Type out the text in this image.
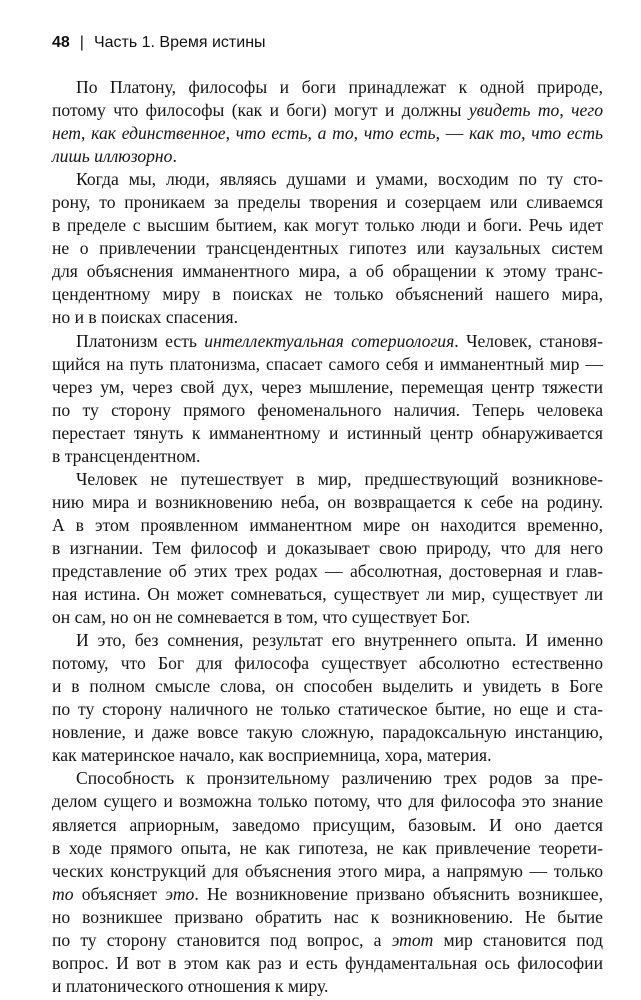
48 | Часть 1. Время истины

По Платону, философы и боги принадлежат к одной природе,
потому что философы (как и боги) могут и должны увидеть то, чего
нет, как единственное, что есть, а то, что есть, — как то, что есть
лишь иллюзорно.

Когда мы, люди, являясь душами и умами, восходим по ту сто-
рону, то проникаем за пределы творения и созерцаем или сливаемся
в пределе с высшим бытием, как могут только люди и боги. Речь идет
не о привлечении трансцендентных гипотез или каузальных систем
для объяснения имманентного мира, а об обращении к этому транс-
цендентному миру в поисках не только объяснений нашего мира,
но и в поисках спасения.

Платонизм есть интеллектуальная сотериология. Человек, становя-
щийся на путь платонизма, спасает самого себя и имманентный мир —
через ум, через свой дух, через мышление, перемещая центр тяжести
по ту сторону прямого феноменального наличия. Теперь человека
перестает тянуть к имманентному и истинный центр обнаруживается
в трансцендентном.

Человек не путешествует в мир, предшествующий возникнове-
нию мира и возникновению неба, он возвращается к себе на родину.
А в этом проявленном имманентном мире он находится временно,
в изгнании. Тем философ и доказывает свою природу, что для него
представление об этих трех родах — абсолютная, достоверная и глав-
ная истина. Он может сомневаться, существует ли мир, существует ли
он сам, но он не сомневается в том, что существует Бог.

И это, без сомнения, результат его внутреннего опыта. И именно
потому, что Бог для философа существует абсолютно естественно
и в полном смысле слова, он способен выделить и увидеть в Боге
по ту сторону наличного не только статическое бытие, но еще и ста-
новление, и даже вовсе такую сложную, парадоксальную инстанцию,
как материнское начало, как восприемница, хора, материя.

Способность к пронзительному различению трех родов за пре-
делом сущего и возможна только потому, что для философа это знание
является априорным, заведомо присущим, базовым. И оно дается
в ходе прямого опыта, не как гипотеза, не как привлечение теорети-
ческих конструкций для объяснения этого мира, а напрямую — только
то объясняет это. Не возникновение призвано объяснить возникшее,
но возникшее призвано обратить нас к возникновению. Не бытие
по ту сторону становится под вопрос, а этот мир становится под
вопрос. И вот в этом как раз и есть фундаментальная ось философии
и платонического отношения к миру.
